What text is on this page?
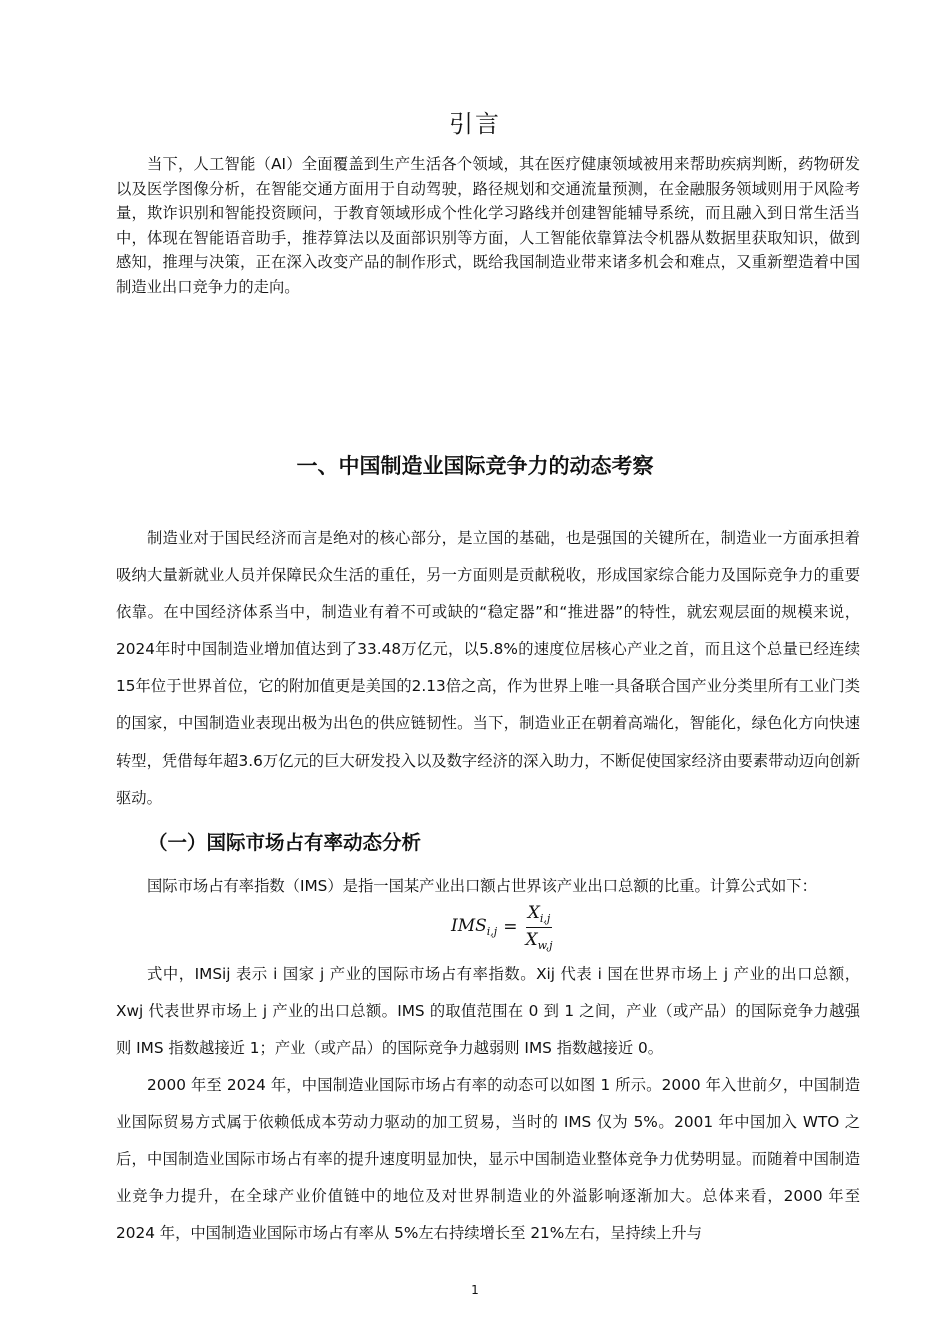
引言

当下，人工智能（AI）全面覆盖到生产生活各个领域，其在医疗健康领域被用来帮助疾病判断，药物研发以及医学图像分析，在智能交通方面用于自动驾驶，路径规划和交通流量预测，在金融服务领域则用于风险考量，欺诈识别和智能投资顾问，于教育领域形成个性化学习路线并创建智能辅导系统，而且融入到日常生活当中，体现在智能语音助手，推荐算法以及面部识别等方面，人工智能依靠算法令机器从数据里获取知识，做到感知，推理与决策，正在深入改变产品的制作形式，既给我国制造业带来诸多机会和难点，又重新塑造着中国制造业出口竞争力的走向。

一、中国制造业国际竞争力的动态考察

制造业对于国民经济而言是绝对的核心部分，是立国的基础，也是强国的关键所在，制造业一方面承担着吸纳大量新就业人员并保障民众生活的重任，另一方面则是贡献税收，形成国家综合能力及国际竞争力的重要依靠。在中国经济体系当中，制造业有着不可或缺的“稳定器”和“推进器”的特性，就宏观层面的规模来说，2024年时中国制造业增加值达到了33.48万亿元，以5.8%的速度位居核心产业之首，而且这个总量已经连续15年位于世界首位，它的附加值更是美国的2.13倍之高，作为世界上唯一具备联合国产业分类里所有工业门类的国家，中国制造业表现出极为出色的供应链韧性。当下，制造业正在朝着高端化，智能化，绿色化方向快速转型，凭借每年超3.6万亿元的巨大研发投入以及数字经济的深入助力，不断促使国家经济由要素带动迈向创新驱动。

（一）国际市场占有率动态分析

国际市场占有率指数（IMS）是指一国某产业出口额占世界该产业出口总额的比重。计算公式如下：

$IMS_{i,j} = \frac{X_{i,j}}{X_{w,j}}$

式中，IMSij 表示 i 国家 j 产业的国际市场占有率指数。Xij 代表 i 国在世界市场上 j 产业的出口总额，Xwj 代表世界市场上 j 产业的出口总额。IMS 的取值范围在 0 到 1 之间，产业（或产品）的国际竞争力越强则 IMS 指数越接近 1；产业（或产品）的国际竞争力越弱则 IMS 指数越接近 0。

2000 年至 2024 年，中国制造业国际市场占有率的动态可以如图 1 所示。2000 年入世前夕，中国制造业国际贸易方式属于依赖低成本劳动力驱动的加工贸易，当时的 IMS 仅为 5%。2001 年中国加入 WTO 之后，中国制造业国际市场占有率的提升速度明显加快，显示中国制造业整体竞争力优势明显。而随着中国制造业竞争力提升，在全球产业价值链中的地位及对世界制造业的外溢影响逐渐加大。总体来看，2000 年至 2024 年，中国制造业国际市场占有率从 5%左右持续增长至 21%左右，呈持续上升与

1
